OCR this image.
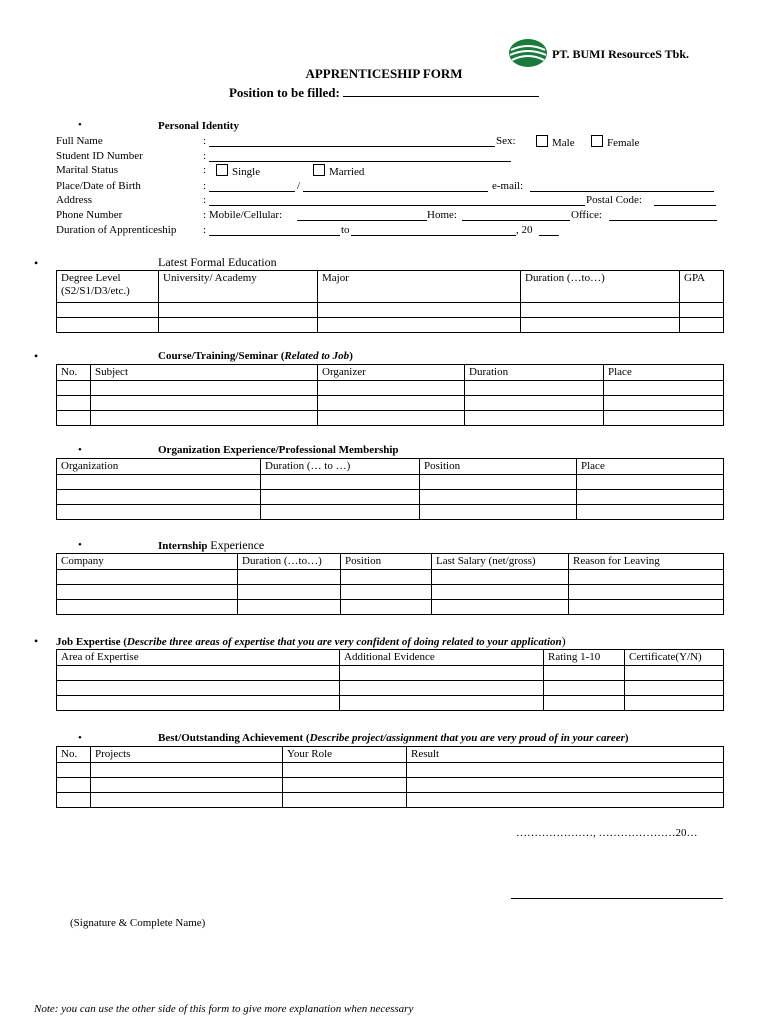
PT. BUMI ResourceS Tbk.
APPRENTICESHIP FORM
Position to be filled:
•	Personal Identity
Full Name	:	Sex:	Male	Female
Student ID Number	:
Marital Status	:	Single	Married
Place/Date of Birth	:	/	e-mail:
Address	:	Postal Code:
Phone Number	: Mobile/Cellular:	Home:	Office:
Duration of Apprenticeship :	to	, 20
•	Latest Formal Education
Degree Level (S2/S1/D3/etc.)	University/ Academy	Major	Duration (…to…)	GPA

•	Course/Training/Seminar (Related to Job)
No.	Subject	Organizer	Duration	Place

•	Organization Experience/Professional Membership
Organization	Duration (… to …)	Position	Place

•	Internship Experience
Company	Duration (…to…)	Position	Last Salary (net/gross)	Reason for Leaving

• Job Expertise (Describe three areas of expertise that you are very confident of doing related to your application)
Area of Expertise	Additional Evidence	Rating 1-10	Certificate(Y/N)

•	Best/Outstanding Achievement (Describe project/assignment that you are very proud of in your career)
No.	Projects	Your Role	Result

…………………, …………………20…
(Signature & Complete Name)
Note: you can use the other side of this form to give more explanation when necessary
